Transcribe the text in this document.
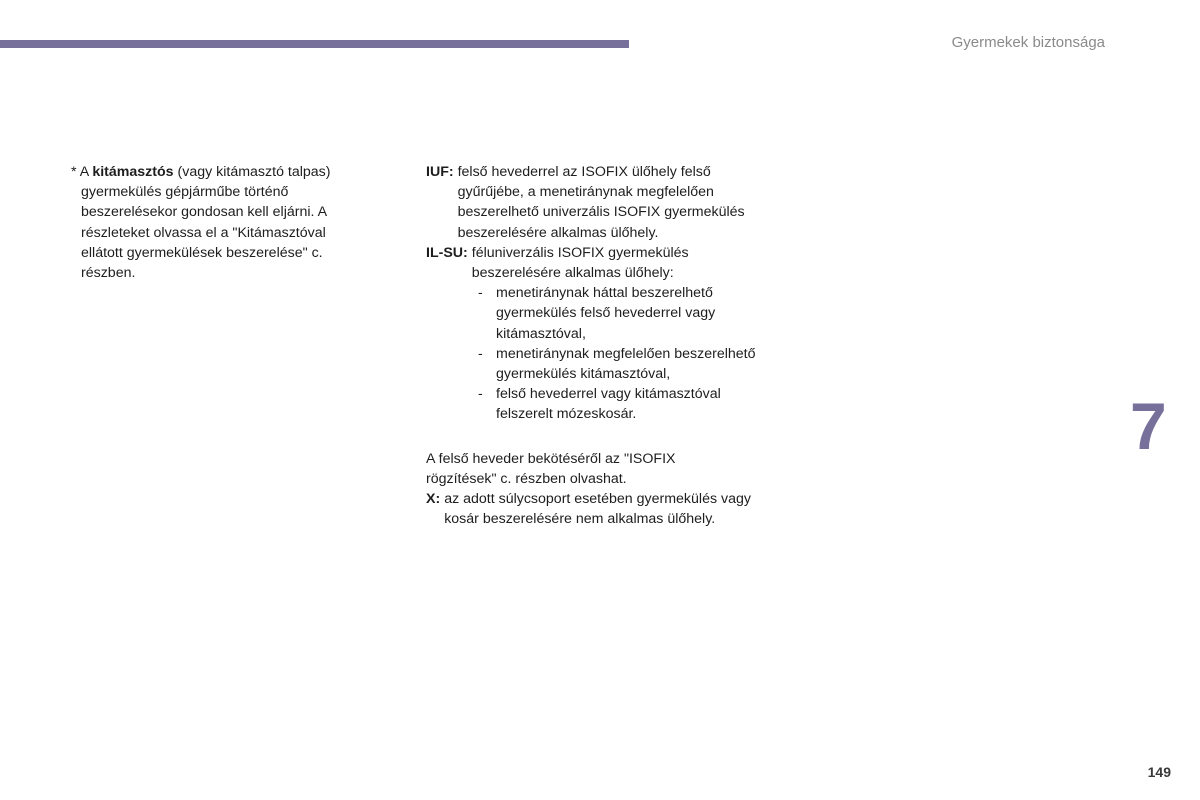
Gyermekek biztonsága

* A kitámasztós (vagy kitámasztó talpas) gyermekülés gépjárműbe történő beszerelésekor gondosan kell eljárni. A részleteket olvassa el a "Kitámasztóval ellátott gyermekülések beszerelése" c. részben.

IUF: felső hevederrel az ISOFIX ülőhely felső gyűrűjébe, a menetiránynak megfelelően beszerelhető univerzális ISOFIX gyermekülés beszerelésére alkalmas ülőhely.
IL-SU: féluniverzális ISOFIX gyermekülés beszerelésére alkalmas ülőhely:
- menetiránynak háttal beszerelhető gyermekülés felső hevederrel vagy kitámasztóval,
- menetiránynak megfelelően beszerelhető gyermekülés kitámasztóval,
- felső hevederrel vagy kitámasztóval felszerelt mózeskosár.
A felső heveder bekötéséről az "ISOFIX rögzítések" c. részben olvashat.
X: az adott súlycsoport esetében gyermekülés vagy kosár beszerelésére nem alkalmas ülőhely.
7
149
